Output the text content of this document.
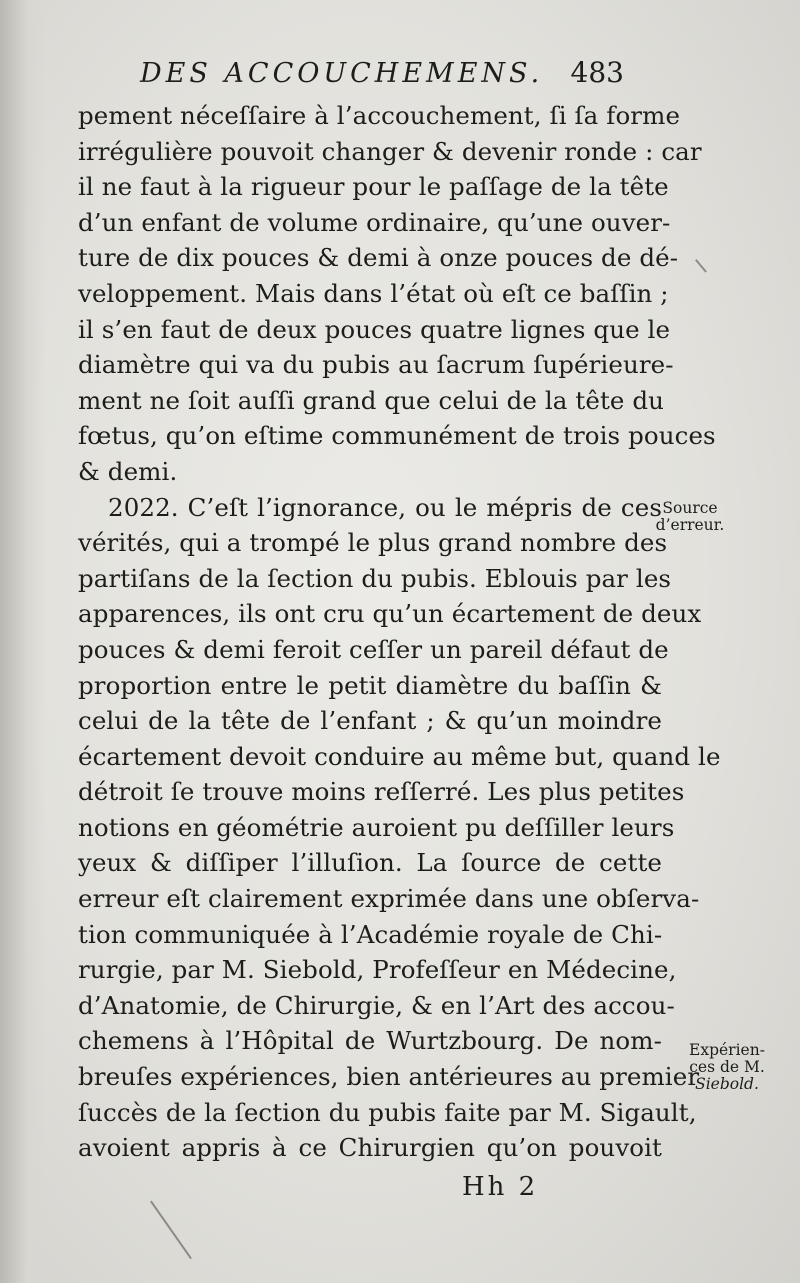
DES ACCOUCHEMENS. 483
pement néceſſaire à l’accouchement, ſi ſa forme
irrégulière pouvoit changer & devenir ronde : car
il ne faut à la rigueur pour le paſſage de la tête
d’un enfant de volume ordinaire, qu’une ouver-
ture de dix pouces & demi à onze pouces de dé-
veloppement. Mais dans l’état où eſt ce baſſin ;
il s’en faut de deux pouces quatre lignes que le
diamètre qui va du pubis au ſacrum ſupérieure-
ment ne ſoit auſſi grand que celui de la tête du
fœtus, qu’on eſtime communément de trois pouces
& demi.
2022. C’eſt l’ignorance, ou le mépris de ces
vérités, qui a trompé le plus grand nombre des
partiſans de la ſection du pubis. Eblouis par les
apparences, ils ont cru qu’un écartement de deux
pouces & demi feroit ceſſer un pareil défaut de
proportion entre le petit diamètre du baſſin &
celui de la tête de l’enfant ; & qu’un moindre
écartement devoit conduire au même but, quand le
détroit ſe trouve moins reſſerré. Les plus petites
notions en géométrie auroient pu deſſiller leurs
yeux & diſſiper l’illuſion. La ſource de cette
erreur eſt clairement exprimée dans une obſerva-
tion communiquée à l’Académie royale de Chi-
rurgie, par M. Siebold, Profeſſeur en Médecine,
d’Anatomie, de Chirurgie, & en l’Art des accou-
chemens à l’Hôpital de Wurtzbourg. De nom-
breuſes expériences, bien antérieures au premier
ſuccès de la ſection du pubis faite par M. Sigault,
avoient appris à ce Chirurgien qu’on pouvoit
Source
d’erreur.
Expérien-
ces de M.
Siebold.
Hh 2
